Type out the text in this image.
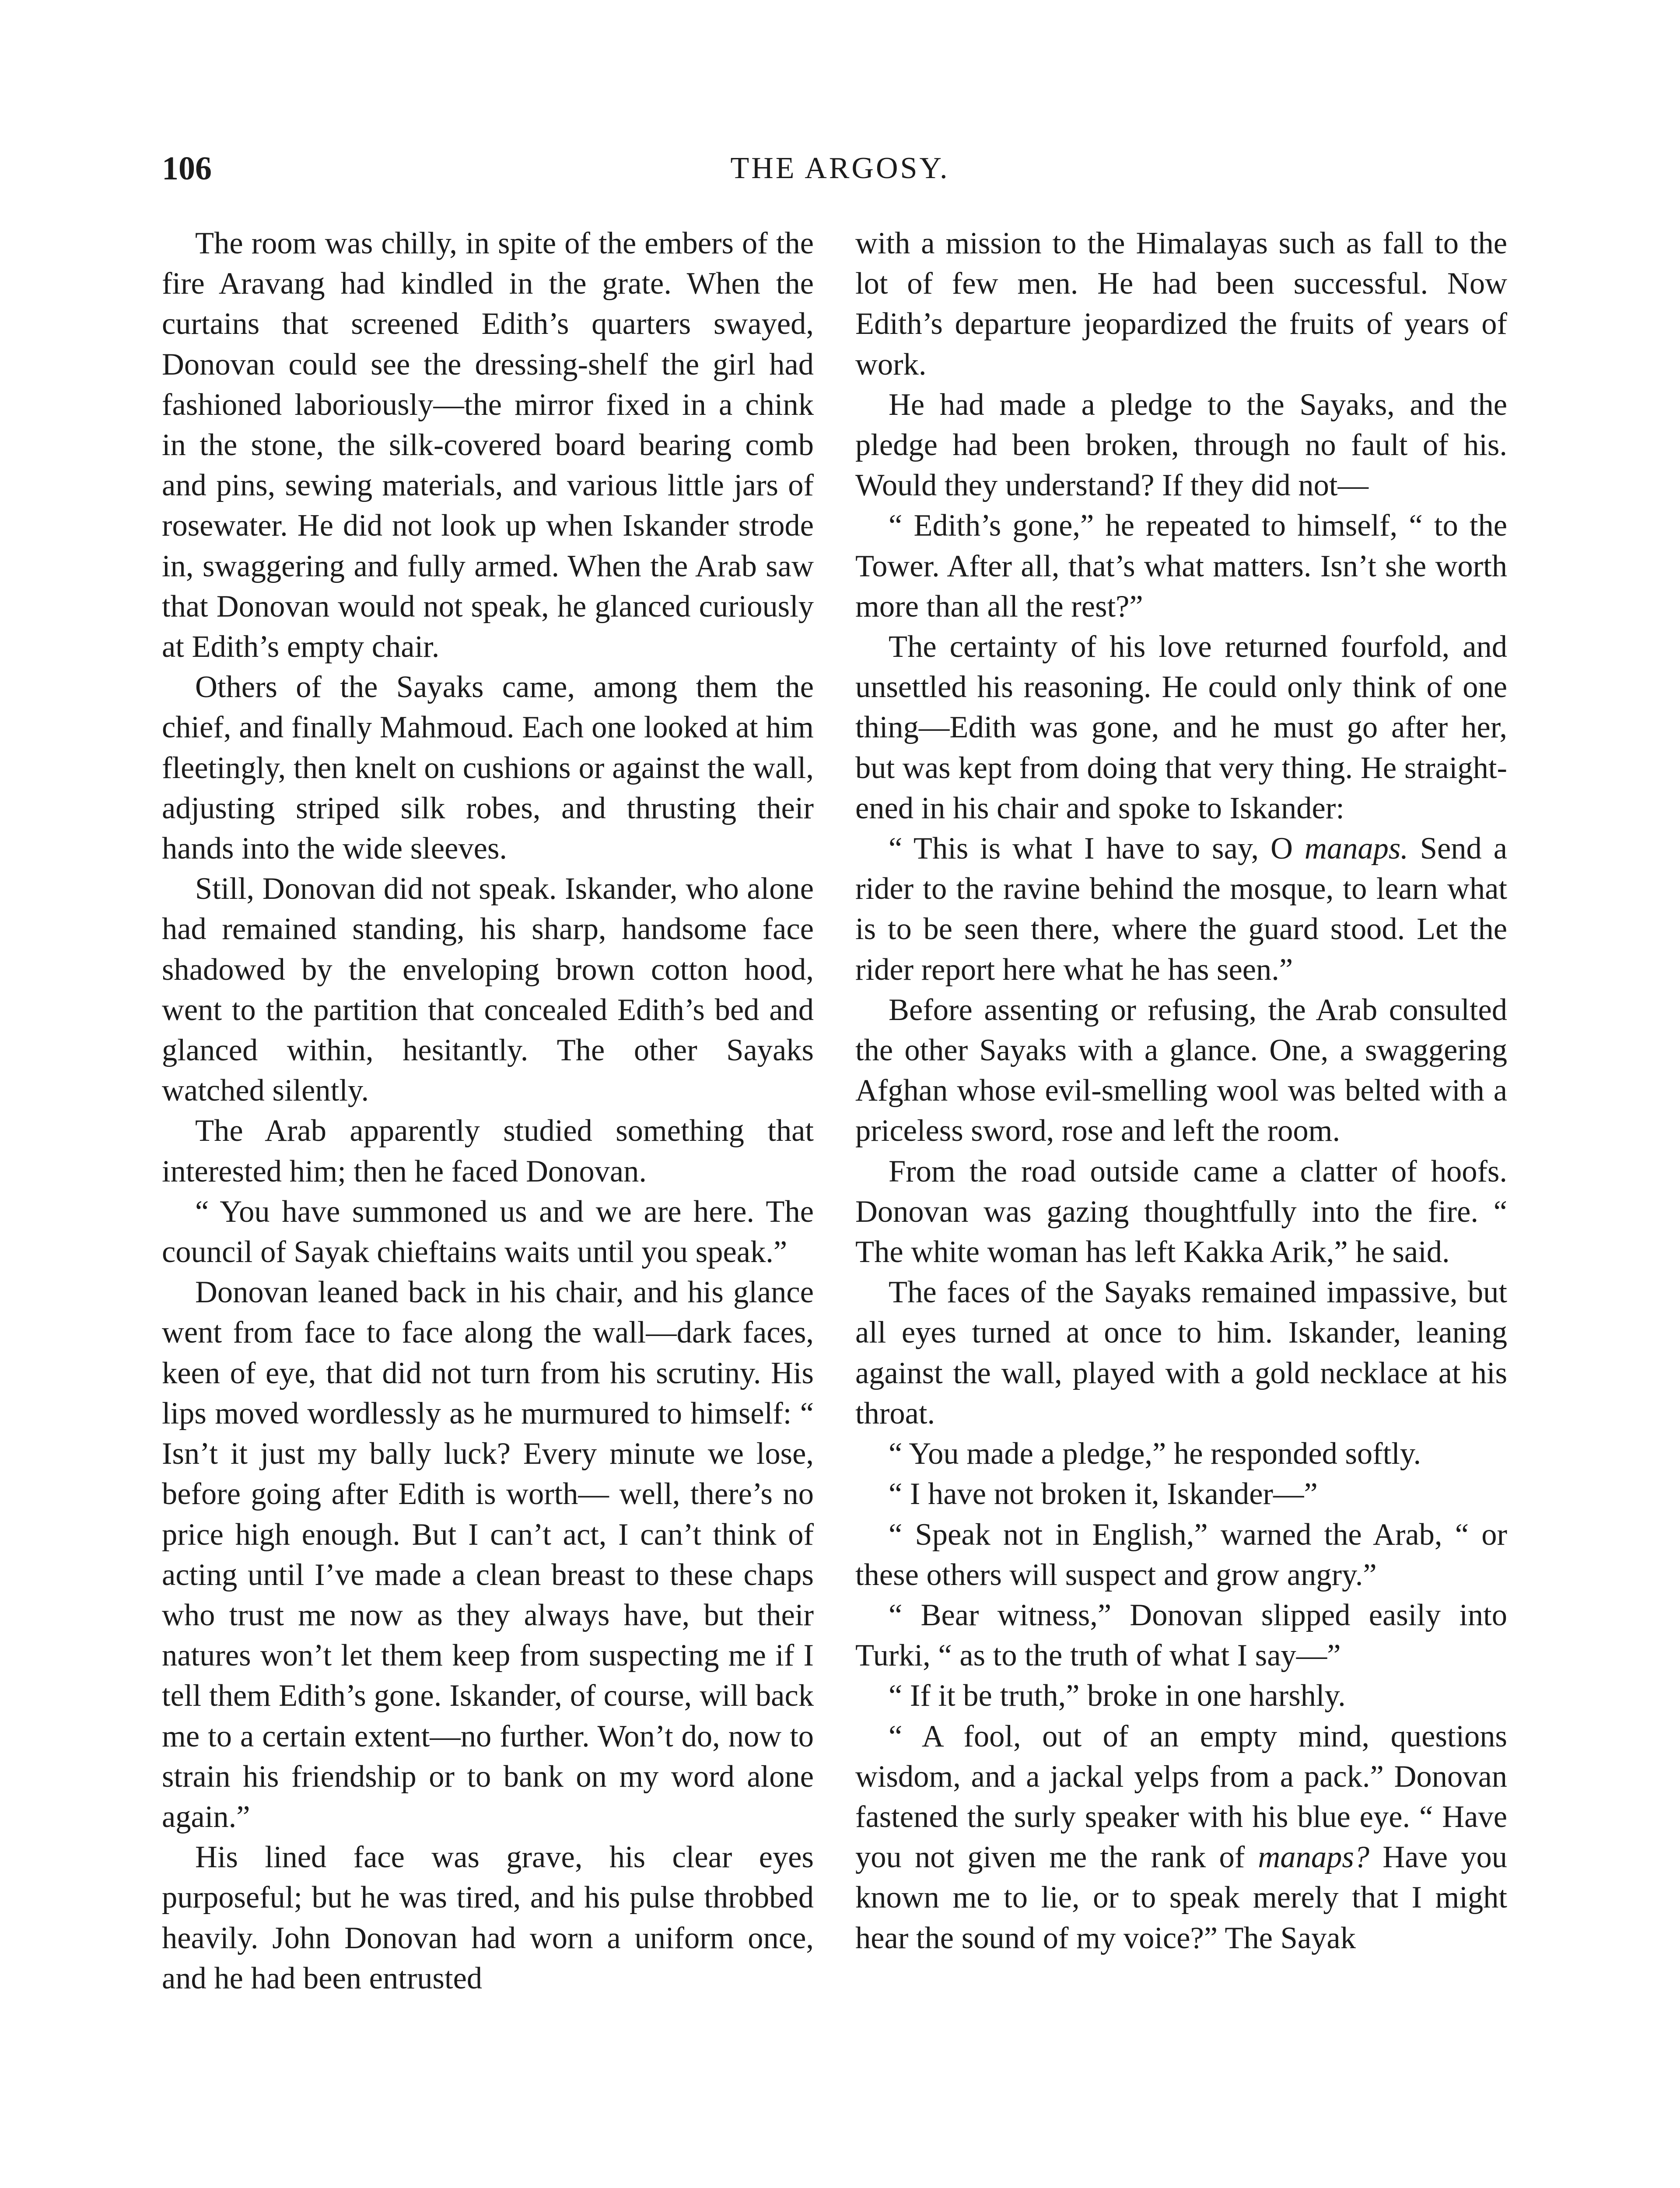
106	THE ARGOSY.

The room was chilly, in spite of the embers of the fire Aravang had kindled in the grate. When the curtains that screened Edith’s quarters swayed, Donovan could see the dressing-shelf the girl had fashioned laboriously—the mirror fixed in a chink in the stone, the silk-covered board bearing comb and pins, sewing materials, and various little jars of rosewater. He did not look up when Iskander strode in, swaggering and fully armed. When the Arab saw that Donovan would not speak, he glanced curiously at Edith’s empty chair.

Others of the Sayaks came, among them the chief, and finally Mahmoud. Each one looked at him fleetingly, then knelt on cushions or against the wall, adjusting striped silk robes, and thrusting their hands into the wide sleeves.

Still, Donovan did not speak. Iskander, who alone had remained standing, his sharp, handsome face shadowed by the enveloping brown cotton hood, went to the partition that concealed Edith’s bed and glanced within, hesitantly. The other Sayaks watched silently.

The Arab apparently studied something that interested him; then he faced Donovan.

“ You have summoned us and we are here. The council of Sayak chieftains waits until you speak.”

Donovan leaned back in his chair, and his glance went from face to face along the wall—dark faces, keen of eye, that did not turn from his scrutiny. His lips moved wordlessly as he murmured to himself: “ Isn’t it just my bally luck? Every minute we lose, before going after Edith is worth— well, there’s no price high enough. But I can’t act, I can’t think of acting until I’ve made a clean breast to these chaps who trust me now as they always have, but their natures won’t let them keep from suspecting me if I tell them Edith’s gone. Iskander, of course, will back me to a certain extent—no further. Won’t do, now to strain his friendship or to bank on my word alone again.”

His lined face was grave, his clear eyes purposeful; but he was tired, and his pulse throbbed heavily. John Donovan had worn a uniform once, and he had been entrusted

with a mission to the Himalayas such as fall to the lot of few men. He had been successful. Now Edith’s departure jeopardized the fruits of years of work.

He had made a pledge to the Sayaks, and the pledge had been broken, through no fault of his. Would they understand? If they did not—

“ Edith’s gone,” he repeated to himself, “ to the Tower. After all, that’s what matters. Isn’t she worth more than all the rest?”

The certainty of his love returned fourfold, and unsettled his reasoning. He could only think of one thing—Edith was gone, and he must go after her, but was kept from doing that very thing. He straightened in his chair and spoke to Iskander:

“ This is what I have to say, O manaps. Send a rider to the ravine behind the mosque, to learn what is to be seen there, where the guard stood. Let the rider report here what he has seen.”

Before assenting or refusing, the Arab consulted the other Sayaks with a glance. One, a swaggering Afghan whose evil-smelling wool was belted with a priceless sword, rose and left the room.

From the road outside came a clatter of hoofs. Donovan was gazing thoughtfully into the fire. “ The white woman has left Kakka Arik,” he said.

The faces of the Sayaks remained impassive, but all eyes turned at once to him. Iskander, leaning against the wall, played with a gold necklace at his throat.

“ You made a pledge,” he responded softly.

“ I have not broken it, Iskander—”

“ Speak not in English,” warned the Arab, “ or these others will suspect and grow angry.”

“ Bear witness,” Donovan slipped easily into Turki, “ as to the truth of what I say—”

“ If it be truth,” broke in one harshly.

“ A fool, out of an empty mind, questions wisdom, and a jackal yelps from a pack.” Donovan fastened the surly speaker with his blue eye. “ Have you not given me the rank of manaps? Have you known me to lie, or to speak merely that I might hear the sound of my voice?” The Sayak
